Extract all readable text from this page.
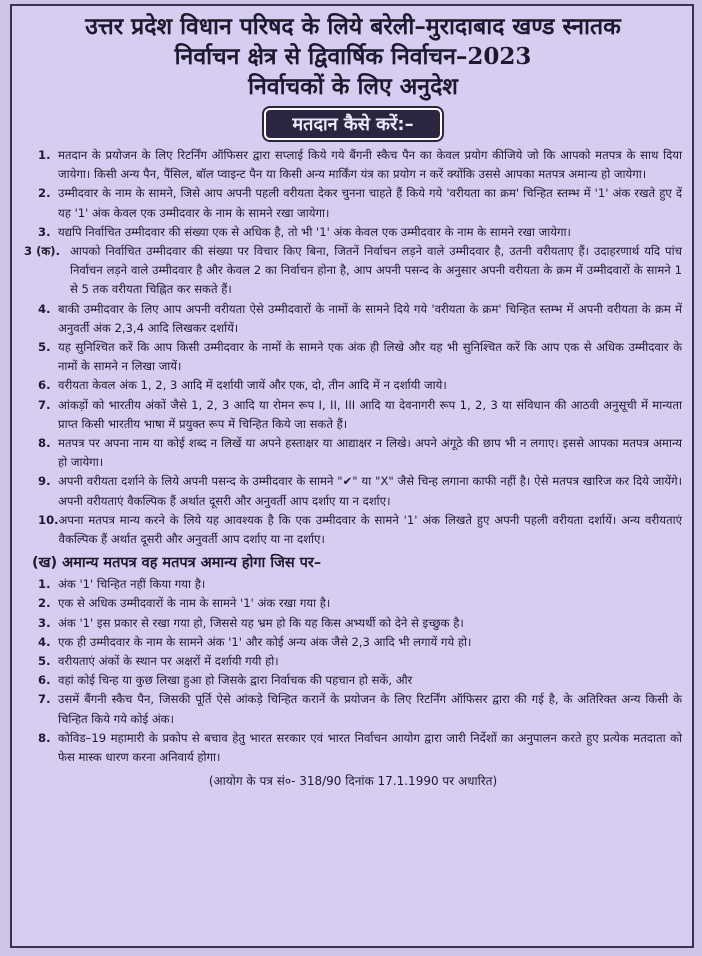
उत्तर प्रदेश विधान परिषद के लिये बरेली–मुरादाबाद खण्ड स्नातक

निर्वाचन क्षेत्र से द्विवार्षिक निर्वाचन–2023

निर्वाचकों के लिए अनुदेश

मतदान कैसे करें:–
1. मतदान के प्रयोजन के लिए रिटर्निंग ऑफिसर द्वारा सप्लाई किये गये बैंगनी स्कैच पैन का केवल प्रयोग कीजिये जो कि आपको मतपत्र के साथ दिया जायेगा। किसी अन्य पैन, पैंसिल, बॉल प्वाइन्ट पैन या किसी अन्य मार्किंग यंत्र का प्रयोग न करें क्योंकि उससे आपका मतपत्र अमान्य हो जायेगा।
2. उम्मीदवार के नाम के सामने, जिसे आप अपनी पहली वरीयता देकर चुनना चाहते हैं किये गये 'वरीयता का क्रम' चिन्हित स्तम्भ में '1' अंक रखते हुए दें यह '1' अंक केवल एक उम्मीदवार के नाम के सामने रखा जायेगा।
3. यद्यपि निर्वाचित उम्मीदवार की संख्या एक से अधिक है, तो भी '1' अंक केवल एक उम्मीदवार के नाम के सामने रखा जायेगा।
3 (क). आपको निर्वाचित उम्मीदवार की संख्या पर विचार किए बिना, जितनें निर्वाचन लड़ने वाले उम्मीदवार है, उतनी वरीयताए हैं। उदाहरणार्थ यदि पांच निर्वाचन लड़ने वाले उम्मीदवार है और केवल 2 का निर्वाचन होना है, आप अपनी पसन्द के अनुसार अपनी वरीयता के क्रम में उम्मीदवारों के सामने 1 से 5 तक वरीयता चिह्नित कर सकते हैं।
4. बाकी उम्मीदवार के लिए आप अपनी वरीयता ऐसे उम्मीदवारों के नामों के सामने दिये गये 'वरीयता के क्रम' चिन्हित स्तम्भ में अपनी वरीयता के क्रम में अनुवर्ती अंक 2,3,4 आदि लिखकर दर्शायें।
5. यह सुनिश्चित करें कि आप किसी उम्मीदवार के नामों के सामने एक अंक ही लिखे और यह भी सुनिश्चित करें कि आप एक से अधिक उम्मीदवार के नामों के सामने न लिखा जायें।
6. वरीयता केवल अंक 1, 2, 3 आदि में दर्शायी जायें और एक, दो, तीन आदि में न दर्शायी जाये।
7. आंकड़ों को भारतीय अंकों जैसे 1, 2, 3 आदि या रोमन रूप I, II, III आदि या देवनागरी रूप 1, 2, 3 या संविधान की आठवी अनुसूची में मान्यता प्राप्त किसी भारतीय भाषा में प्रयुक्त रूप में चिन्हित किये जा सकते हैं।
8. मतपत्र पर अपना नाम या कोई शब्द न लिखें या अपने हस्ताक्षर या आद्याक्षर न लिखे। अपने अंगूठे की छाप भी न लगाए। इससे आपका मतपत्र अमान्य हो जायेगा।
9. अपनी वरीयता दर्शाने के लिये अपनी पसन्द के उम्मीदवार के सामने "✔" या "X" जैसे चिन्ह लगाना काफी नहीं है। ऐसे मतपत्र खारिज कर दिये जायेंगे। अपनी वरीयताएं वैकल्पिक हैं अर्थात दूसरी और अनुवर्ती आप दर्शाए या न दर्शाए।
10. अपना मतपत्र मान्य करने के लिये यह आवश्यक है कि एक उम्मीदवार के सामने '1' अंक लिखते हुए अपनी पहली वरीयता दर्शायें। अन्य वरीयताएं वैकल्पिक हैं अर्थात दूसरी और अनुवर्ती आप दर्शाए या ना दर्शाए।
(ख) अमान्य मतपत्र वह मतपत्र अमान्य होगा जिस पर–
1. अंक '1' चिन्हित नहीं किया गया है।
2. एक से अधिक उम्मीदवारों के नाम के सामने '1' अंक रखा गया है।
3. अंक '1' इस प्रकार से रखा गया हो, जिससे यह भ्रम हो कि यह किस अभ्यर्थी को देने से इच्छुक है।
4. एक ही उम्मीदवार के नाम के सामने अंक '1' और कोई अन्य अंक जैसे 2,3 आदि भी लगायें गये हो।
5. वरीयताएं अंकों के स्थान पर अक्षरों में दर्शायी गयी हो।
6. वहां कोई चिन्ह या कुछ लिखा हुआ हो जिसके द्वारा निर्वाचक की पहचान हो सकें, और
7. उसमें बैंगनी स्कैच पैन, जिसकी पूर्ति ऐसे आंकड़े चिन्हित करानें के प्रयोजन के लिए रिटर्निंग ऑफिसर द्वारा की गई है, के अतिरिक्त अन्य किसी के चिन्हित किये गये कोई अंक।
8. कोविड–19 महामारी के प्रकोप से बचाव हेतु भारत सरकार एवं भारत निर्वाचन आयोग द्वारा जारी निर्देशों का अनुपालन करते हुए प्रत्येक मतदाता को फेस मास्क धारण करना अनिवार्य होगा।
(आयोग के पत्र सं०- 318/90 दिनांक 17.1.1990 पर अधारित)
